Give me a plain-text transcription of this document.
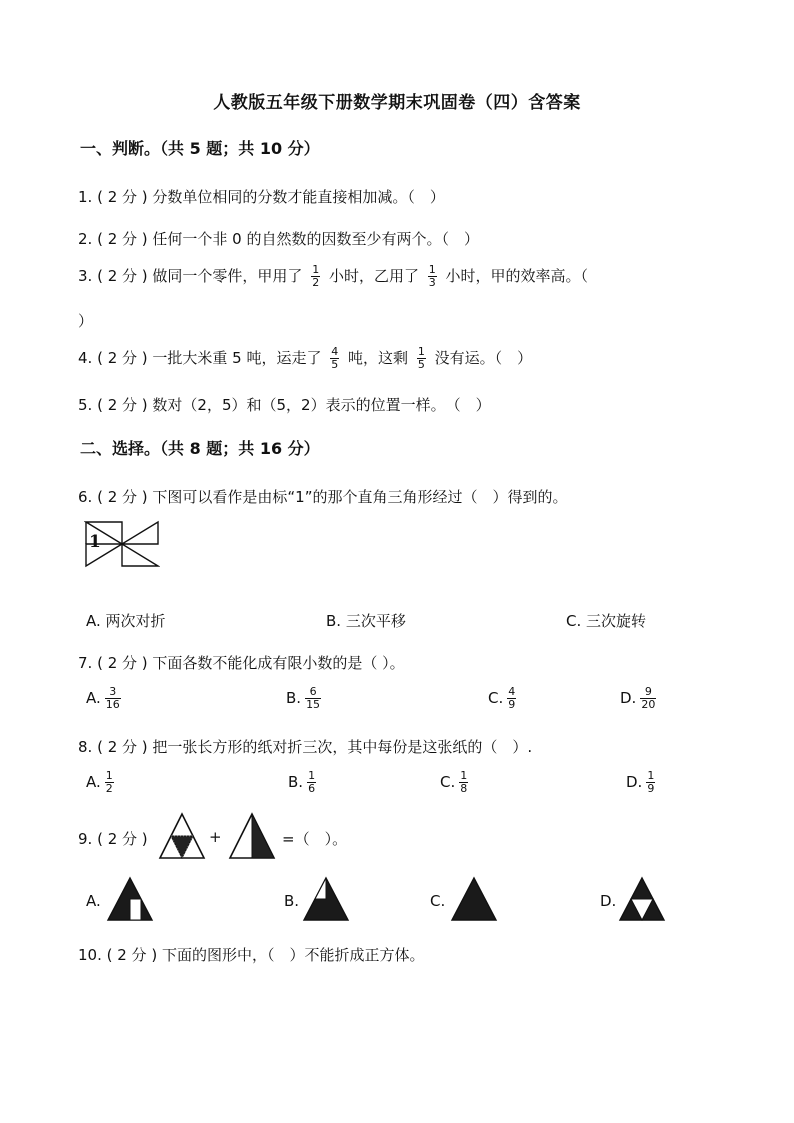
人教版五年级下册数学期末巩固卷（四）含答案
一、判断。（共 5 题；共 10 分）
1. ( 2 分 ) 分数单位相同的分数才能直接相加减。（　）
2. ( 2 分 ) 任何一个非 0 的自然数的因数至少有两个。（　）
3. ( 2 分 ) 做同一个零件，甲用了 $\frac{1}{2}$ 小时，乙用了 $\frac{1}{3}$ 小时，甲的效率高。（
）
4. ( 2 分 ) 一批大米重 5 吨，运走了 $\frac{4}{5}$ 吨，这剩 $\frac{1}{5}$ 没有运。（　）
5. ( 2 分 ) 数对（2，5）和（5，2）表示的位置一样。　（　）
二、选择。（共 8 题；共 16 分）
6. ( 2 分 ) 下图可以看作是由标“1”的那个直角三角形经过（　）得到的。
1
A. 两次对折	B. 三次平移	C. 三次旋转
7. ( 2 分 ) 下面各数不能化成有限小数的是（ ）。
A. $\frac{3}{16}$	B. $\frac{6}{15}$	C. $\frac{4}{9}$	D. $\frac{9}{20}$
8. ( 2 分 ) 把一张长方形的纸对折三次，其中每份是这张纸的（　）.
A. $\frac{1}{2}$	B. $\frac{1}{6}$	C. $\frac{1}{8}$	D. $\frac{1}{9}$
9. ( 2 分 )	+	=（　）。
A.	B.	C.	D.
10. ( 2 分 ) 下面的图形中，（　）不能折成正方体。
